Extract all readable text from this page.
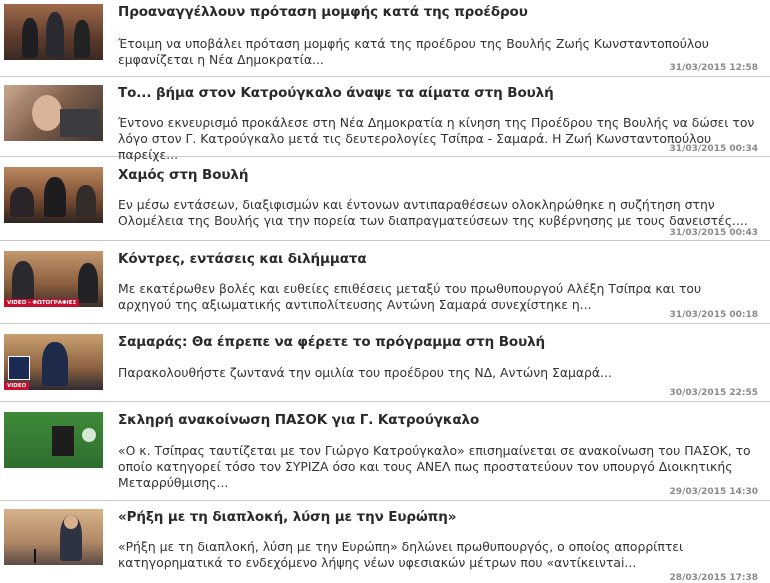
Προαναγγέλλουν πρόταση μομφής κατά της προέδρου
Έτοιμη να υποβάλει πρόταση μομφής κατά της προέδρου της Βουλής Ζωής Κωνσταντοπούλου εμφανίζεται η Νέα Δημοκρατία...
31/03/2015 12:58
Το... βήμα στον Κατρούγκαλο άναψε τα αίματα στη Βουλή
Έντονο εκνευρισμό προκάλεσε στη Νέα Δημοκρατία η κίνηση της Προέδρου της Βουλής να δώσει τον λόγο στον Γ. Κατρούγκαλο μετά τις δευτερολογίες Τσίπρα - Σαμαρά. Η Ζωή Κωνσταντοπούλου παρείχε...	31/03/2015 00:34
Χαμός στη Βουλή
Εν μέσω εντάσεων, διαξιφισμών και έντονων αντιπαραθέσεων ολοκληρώθηκε η συζήτηση στην Ολομέλεια της Βουλής για την πορεία των διαπραγματεύσεων της κυβέρνησης με τους δανειστές....
31/03/2015 00:43
VIDEO - ΦΩΤΟΓΡΑΦΙΕΣ
Κόντρες, εντάσεις και διλήμματα
Με εκατέρωθεν βολές και ευθείες επιθέσεις μεταξύ του πρωθυπουργού Αλέξη Τσίπρα και του αρχηγού της αξιωματικής αντιπολίτευσης Αντώνη Σαμαρά συνεχίστηκε η...
31/03/2015 00:18
VIDEO
Σαμαράς: Θα έπρεπε να φέρετε το πρόγραμμα στη Βουλή
Παρακολουθήστε ζωντανά την ομιλία του προέδρου της ΝΔ, Αντώνη Σαμαρά...
30/03/2015 22:55
Σκληρή ανακοίνωση ΠΑΣΟΚ για Γ. Κατρούγκαλο
«Ο κ. Τσίπρας ταυτίζεται με τον Γιώργο Κατρούγκαλο» επισημαίνεται σε ανακοίνωση του ΠΑΣΟΚ, το οποίο κατηγορεί τόσο τον ΣΥΡΙΖΑ όσο και τους ΑΝΕΛ πως προστατεύουν τον υπουργό Διοικητικής Μεταρρύθμισης...
29/03/2015 14:30
«Ρήξη με τη διαπλοκή, λύση με την Ευρώπη»
«Ρήξη με τη διαπλοκή, λύση με την Ευρώπη» δηλώνει πρωθυπουργός, ο οποίος απορρίπτει κατηγορηματικά το ενδεχόμενο λήψης νέων υφεσιακών μέτρων που «αντίκειντai...
28/03/2015 17:38
